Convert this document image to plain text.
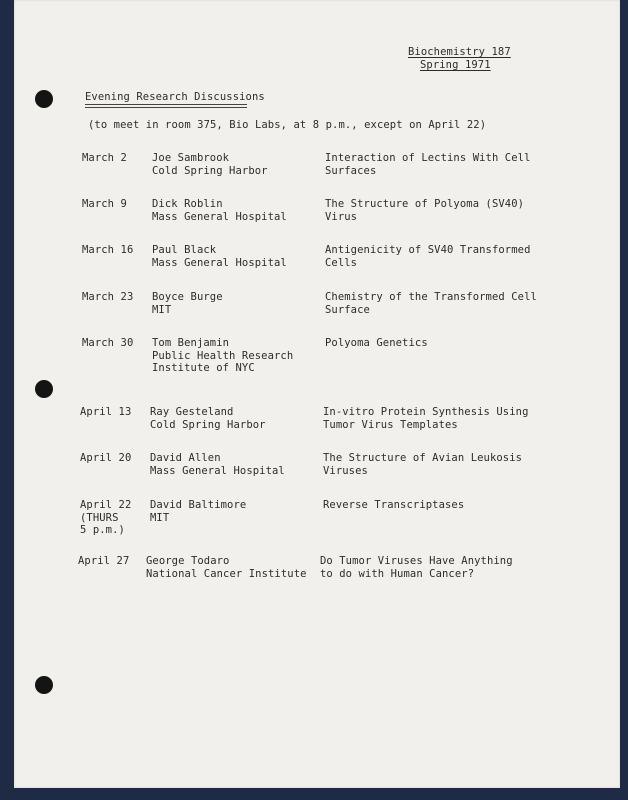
Biochemistry 187
Spring 1971
Evening Research Discussions
(to meet in room 375, Bio Labs, at 8 p.m., except on April 22)
March 2 Joe Sambrook
Cold Spring Harbor
Interaction of Lectins With Cell
Surfaces
March 9 Dick Roblin
Mass General Hospital
The Structure of Polyoma (SV40)
Virus
March 16 Paul Black
Mass General Hospital
Antigenicity of SV40 Transformed
Cells
March 23 Boyce Burge
MIT
Chemistry of the Transformed Cell
Surface
March 30 Tom Benjamin
Public Health Research
Institute of NYC
Polyoma Genetics
April 13 Ray Gesteland
Cold Spring Harbor
In-vitro Protein Synthesis Using
Tumor Virus Templates
April 20 David Allen
Mass General Hospital
The Structure of Avian Leukosis
Viruses
April 22
(THURS
5 p.m.)
David Baltimore
MIT
Reverse Transcriptases
April 27 George Todaro
National Cancer Institute
Do Tumor Viruses Have Anything
to do with Human Cancer?
